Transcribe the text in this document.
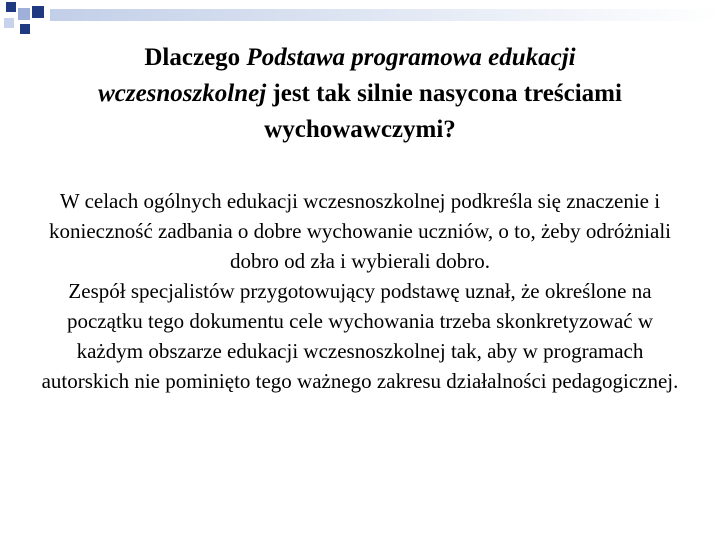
Dlaczego Podstawa programowa edukacji wczesnoszkolnej jest tak silnie nasycona treściami wychowawczymi?

W celach ogólnych edukacji wczesnoszkolnej podkreśla się znaczenie i konieczność zadbania o dobre wychowanie uczniów, o to, żeby odróżniali dobro od zła i wybierali dobro.

Zespół specjalistów przygotowujący podstawę uznał, że określone na początku tego dokumentu cele wychowania trzeba skonkretyzować w każdym obszarze edukacji wczesnoszkolnej tak, aby w programach autorskich nie pominięto tego ważnego zakresu działalności pedagogicznej.
